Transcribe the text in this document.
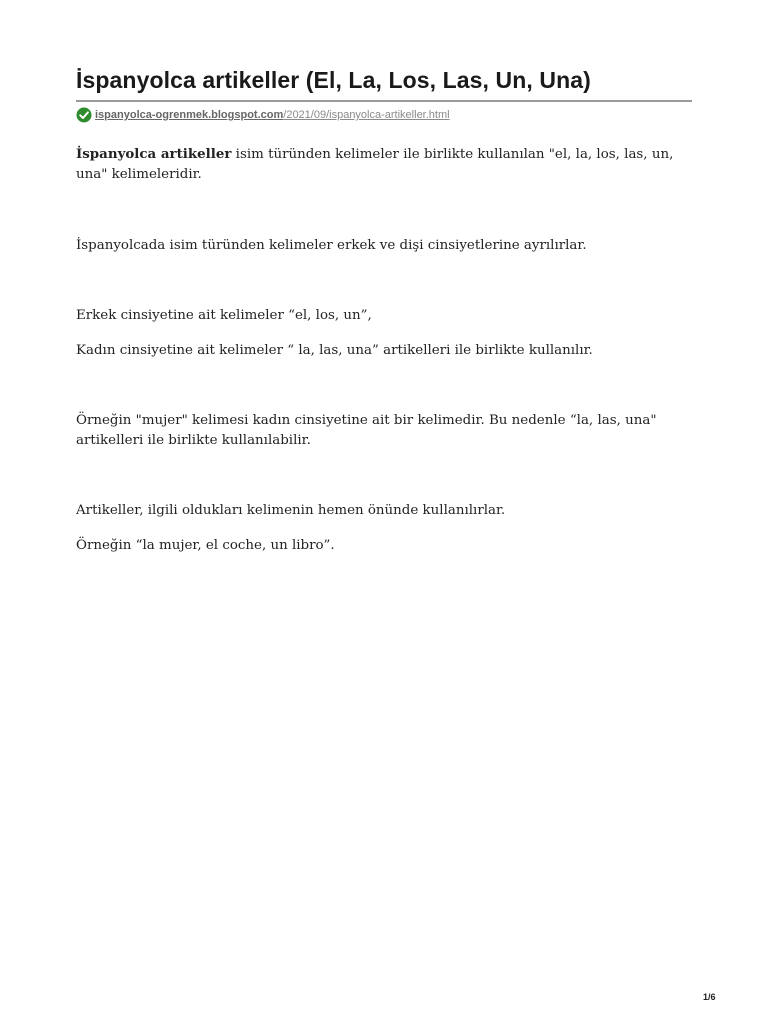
İspanyolca artikeller (El, La, Los, Las, Un, Una)
ispanyolca-ogrenmek.blogspot.com /2021/09/ispanyolca-artikeller.html

İspanyolca artikeller isim türünden kelimeler ile birlikte kullanılan "el, la, los, las, un, una" kelimeleridir.

İspanyolcada isim türünden kelimeler erkek ve dişi cinsiyetlerine ayrılırlar.

Erkek cinsiyetine ait kelimeler “el, los, un”,

Kadın cinsiyetine ait kelimeler “ la, las, una” artikelleri ile birlikte kullanılır.

Örneğin "mujer" kelimesi kadın cinsiyetine ait bir kelimedir. Bu nedenle “la, las, una" artikelleri ile birlikte kullanılabilir.

Artikeller, ilgili oldukları kelimenin hemen önünde kullanılırlar.

Örneğin “la mujer, el coche, un libro”.

1/6
